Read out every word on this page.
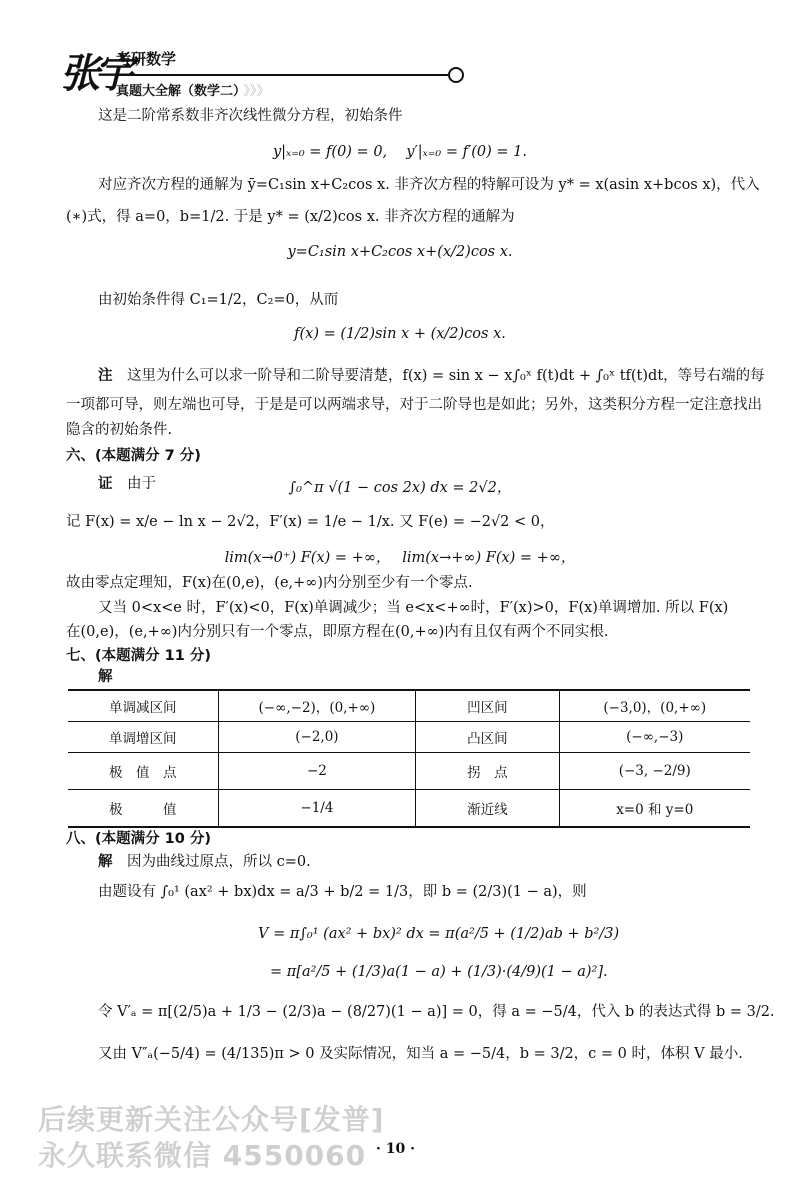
张宇
考研数学
真题大全解（数学二） 》》》
这是二阶常系数非齐次线性微分方程，初始条件
y|ₓ₌₀ = f(0) = 0,　 y′|ₓ₌₀ = f′(0) = 1.
对应齐次方程的通解为 ȳ=C₁sin x+C₂cos x. 非齐次方程的特解可设为 y* = x(asin x+bcos x)，代入
(∗)式，得 a=0，b=1/2. 于是 y* = (x/2)cos x. 非齐次方程的通解为
y=C₁sin x+C₂cos x+(x/2)cos x.
由初始条件得 C₁=1/2，C₂=0，从而
f(x) = (1/2)sin x + (x/2)cos x.
注　 这里为什么可以求一阶导和二阶导要清楚，f(x) = sin x − x∫₀ˣ f(t)dt + ∫₀ˣ tf(t)dt，等号右端的每
一项都可导，则左端也可导，于是是可以两端求导，对于二阶导也是如此；另外，这类积分方程一定注意找出
隐含的初始条件.
六、(本题满分 7 分)
证　 由于	∫₀^π √(1 − cos 2x) dx = 2√2，
记 F(x) = x/e − ln x − 2√2，F′(x) = 1/e − 1/x. 又 F(e) = −2√2 < 0，
lim(x→0⁺) F(x) = +∞，　 lim(x→+∞) F(x) = +∞，
故由零点定理知，F(x)在(0,e)，(e,+∞)内分别至少有一个零点.
又当 0<x<e 时，F′(x)<0，F(x)单调减少；当 e<x<+∞时，F′(x)>0，F(x)单调增加. 所以 F(x)
在(0,e)，(e,+∞)内分别只有一个零点，即原方程在(0,+∞)内有且仅有两个不同实根.
七、(本题满分 11 分)
解
单调减区间	(−∞,−2)，(0,+∞)	凹区间	(−3,0)，(0,+∞)
单调增区间	(−2,0)	凸区间	(−∞,−3)
极　值　点	−2	拐　点	(−3, −2/9)
极　　　值	−1/4	渐近线	x=0 和 y=0
八、(本题满分 10 分)
解　 因为曲线过原点，所以 c=0.
由题设有 ∫₀¹ (ax² + bx)dx = a/3 + b/2 = 1/3，即 b = (2/3)(1 − a)，则
V = π∫₀¹ (ax² + bx)² dx = π(a²/5 + (1/2)ab + b²/3)
= π[a²/5 + (1/3)a(1 − a) + (1/3)·(4/9)(1 − a)²].
令 V′ₐ = π[(2/5)a + 1/3 − (2/3)a − (8/27)(1 − a)] = 0，得 a = −5/4，代入 b 的表达式得 b = 3/2.
又由 V″ₐ(−5/4) = (4/135)π > 0 及实际情况，知当 a = −5/4，b = 3/2，c = 0 时，体积 V 最小.
后续更新关注公众号[发普]
永久联系微信 4550060 · 10 ·
